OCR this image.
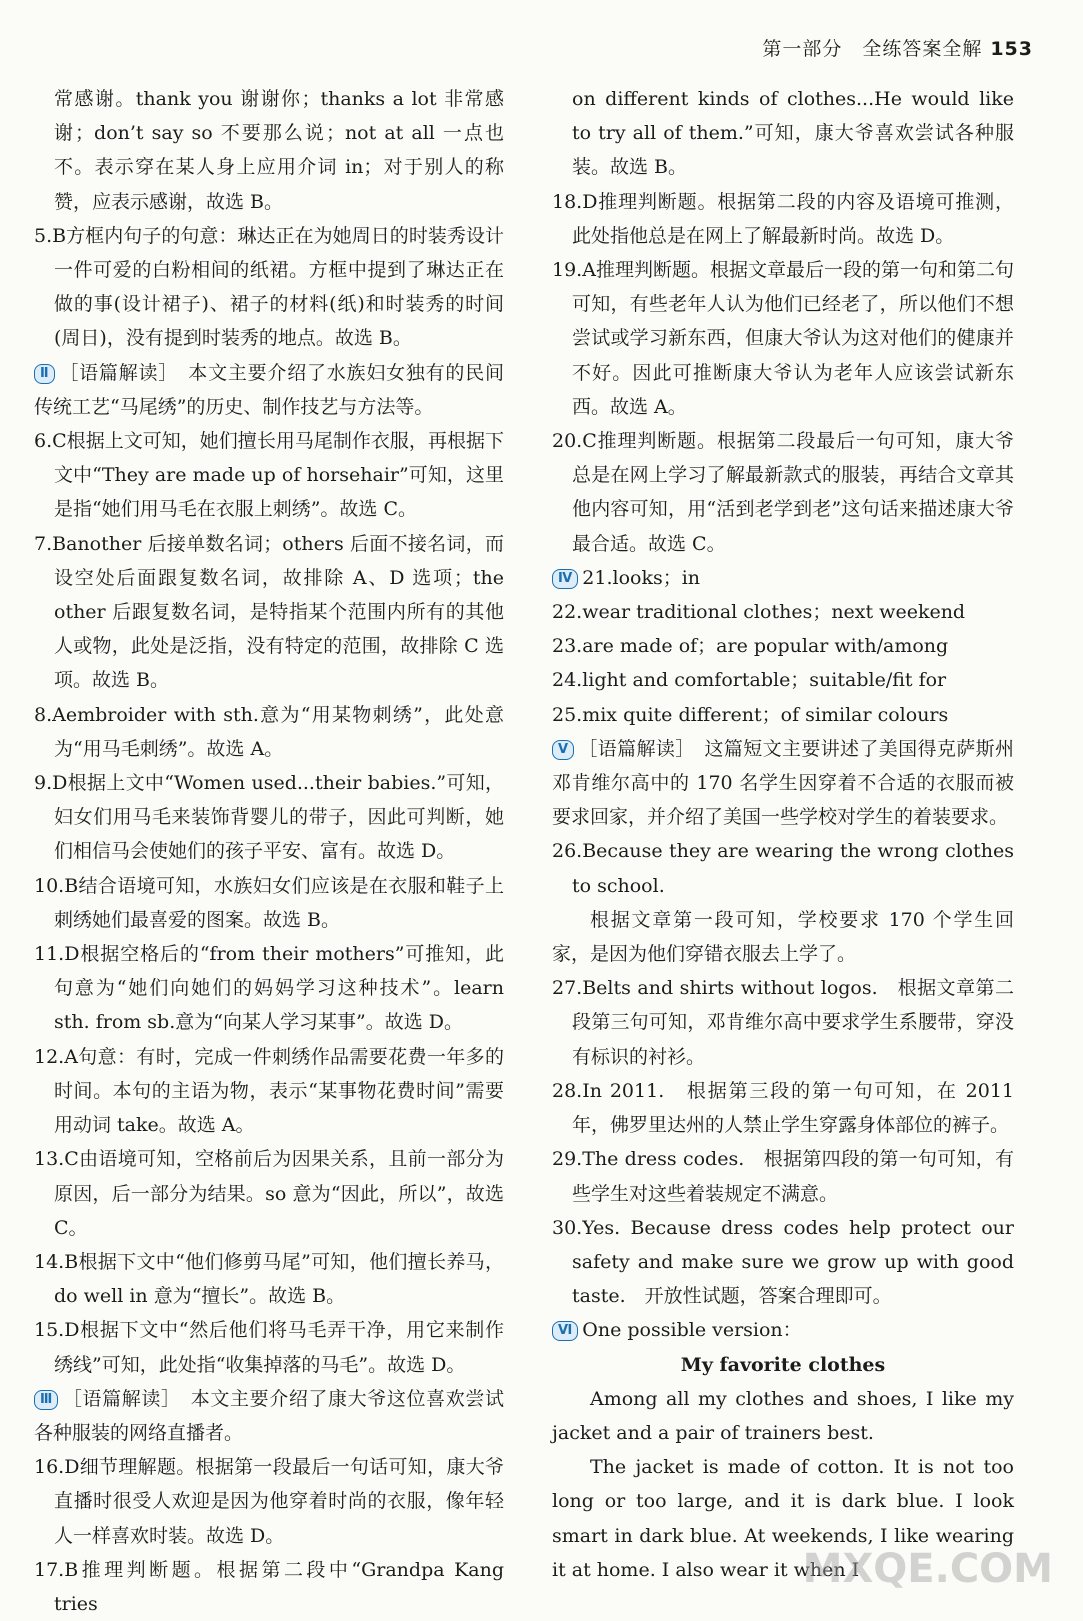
第一部分　全练答案全解 153

常感谢。thank you 谢谢你；thanks a lot 非常感谢；don’t say so 不要那么说；not at all 一点也不。表示穿在某人身上应用介词 in；对于别人的称赞，应表示感谢，故选 B。

5.B方框内句子的句意：琳达正在为她周日的时装秀设计一件可爱的白粉相间的纸裙。方框中提到了琳达正在做的事(设计裙子)、裙子的材料(纸)和时装秀的时间(周日)，没有提到时装秀的地点。故选 B。

Ⅱ ［语篇解读］　本文主要介绍了水族妇女独有的民间传统工艺“马尾绣”的历史、制作技艺与方法等。

6.C根据上文可知，她们擅长用马尾制作衣服，再根据下文中“They are made up of horsehair”可知，这里是指“她们用马毛在衣服上刺绣”。故选 C。

7.Banother 后接单数名词；others 后面不接名词，而设空处后面跟复数名词，故排除 A、D 选项；the other 后跟复数名词，是特指某个范围内所有的其他人或物，此处是泛指，没有特定的范围，故排除 C 选项。故选 B。

8.Aembroider with sth.意为“用某物刺绣”，此处意为“用马毛刺绣”。故选 A。

9.D根据上文中“Women used...their babies.”可知，妇女们用马毛来装饰背婴儿的带子，因此可判断，她们相信马会使她们的孩子平安、富有。故选 D。

10.B结合语境可知，水族妇女们应该是在衣服和鞋子上刺绣她们最喜爱的图案。故选 B。

11.D根据空格后的“from their mothers”可推知，此句意为“她们向她们的妈妈学习这种技术”。learn sth. from sb.意为“向某人学习某事”。故选 D。

12.A句意：有时，完成一件刺绣作品需要花费一年多的时间。本句的主语为物，表示“某事物花费时间”需要用动词 take。故选 A。

13.C由语境可知，空格前后为因果关系，且前一部分为原因，后一部分为结果。so 意为“因此，所以”，故选 C。

14.B根据下文中“他们修剪马尾”可知，他们擅长养马，do well in 意为“擅长”。故选 B。

15.D根据下文中“然后他们将马毛弄干净，用它来制作绣线”可知，此处指“收集掉落的马毛”。故选 D。

Ⅲ ［语篇解读］　本文主要介绍了康大爷这位喜欢尝试各种服装的网络直播者。

16.D细节理解题。根据第一段最后一句话可知，康大爷直播时很受人欢迎是因为他穿着时尚的衣服，像年轻人一样喜欢时装。故选 D。

17.B推理判断题。根据第二段中“Grandpa Kang tries

on different kinds of clothes...He would like to try all of them.”可知，康大爷喜欢尝试各种服装。故选 B。

18.D推理判断题。根据第二段的内容及语境可推测，此处指他总是在网上了解最新时尚。故选 D。

19.A推理判断题。根据文章最后一段的第一句和第二句可知，有些老年人认为他们已经老了，所以他们不想尝试或学习新东西，但康大爷认为这对他们的健康并不好。因此可推断康大爷认为老年人应该尝试新东西。故选 A。

20.C推理判断题。根据第二段最后一句可知，康大爷总是在网上学习了解最新款式的服装，再结合文章其他内容可知，用“活到老学到老”这句话来描述康大爷最合适。故选 C。

Ⅳ 21.looks；in

22.wear traditional clothes；next weekend

23.are made of；are popular with/among

24.light and comfortable；suitable/fit for

25.mix quite different；of similar colours

Ⅴ ［语篇解读］　这篇短文主要讲述了美国得克萨斯州邓肯维尔高中的 170 名学生因穿着不合适的衣服而被要求回家，并介绍了美国一些学校对学生的着装要求。

26.Because they are wearing the wrong clothes to school.

根据文章第一段可知，学校要求 170 个学生回家，是因为他们穿错衣服去上学了。

27.Belts and shirts without logos.　根据文章第二段第三句可知，邓肯维尔高中要求学生系腰带，穿没有标识的衬衫。

28.In 2011.　根据第三段的第一句可知，在 2011 年，佛罗里达州的人禁止学生穿露身体部位的裤子。

29.The dress codes.　根据第四段的第一句可知，有些学生对这些着装规定不满意。

30.Yes. Because dress codes help protect our safety and make sure we grow up with good taste.　开放性试题，答案合理即可。

Ⅵ One possible version：

My favorite clothes

Among all my clothes and shoes, I like my jacket and a pair of trainers best.

The jacket is made of cotton. It is not too long or too large, and it is dark blue. I look smart in dark blue. At weekends, I like wearing it at home. I also wear it when I

MXQE.COM
